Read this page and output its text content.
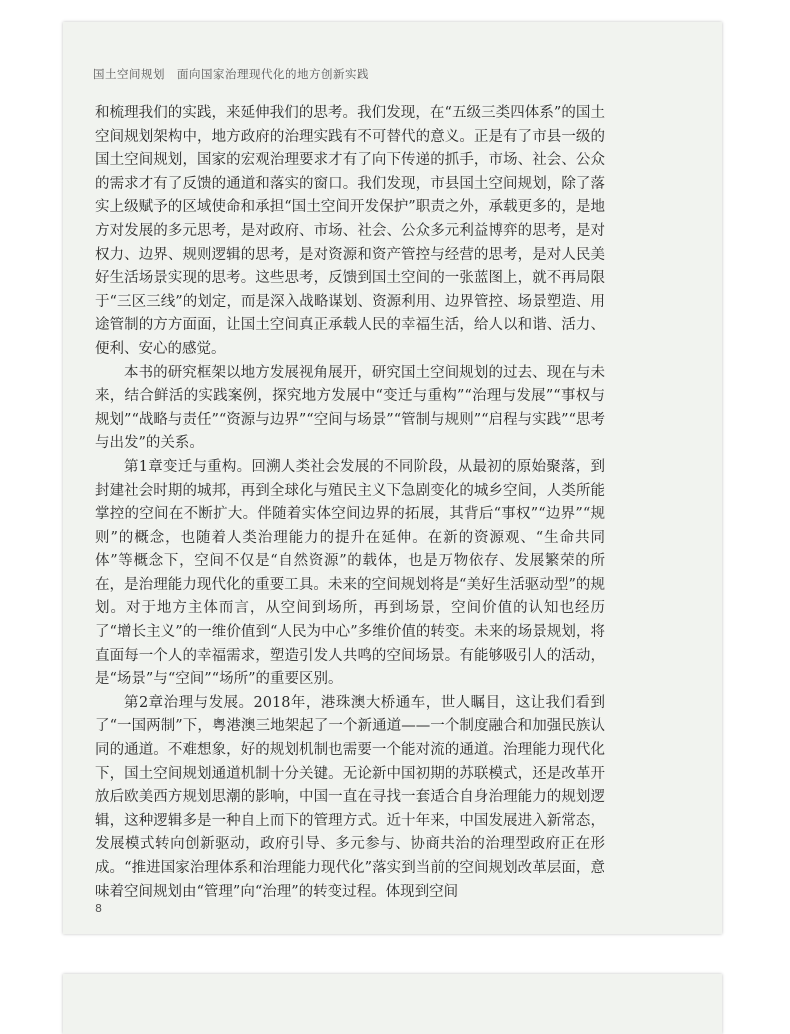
国土空间规划 面向国家治理现代化的地方创新实践

和梳理我们的实践，来延伸我们的思考。我们发现，在“五级三类四体系”的国土空间规划架构中，地方政府的治理实践有不可替代的意义。正是有了市县一级的国土空间规划，国家的宏观治理要求才有了向下传递的抓手，市场、社会、公众的需求才有了反馈的通道和落实的窗口。我们发现，市县国土空间规划，除了落实上级赋予的区域使命和承担“国土空间开发保护”职责之外，承载更多的，是地方对发展的多元思考，是对政府、市场、社会、公众多元利益博弈的思考，是对权力、边界、规则逻辑的思考，是对资源和资产管控与经营的思考，是对人民美好生活场景实现的思考。这些思考，反馈到国土空间的一张蓝图上，就不再局限于“三区三线”的划定，而是深入战略谋划、资源利用、边界管控、场景塑造、用途管制的方方面面，让国土空间真正承载人民的幸福生活，给人以和谐、活力、便利、安心的感觉。

本书的研究框架以地方发展视角展开，研究国土空间规划的过去、现在与未来，结合鲜活的实践案例，探究地方发展中“变迁与重构”“治理与发展”“事权与规划”“战略与责任”“资源与边界”“空间与场景”“管制与规则”“启程与实践”“思考与出发”的关系。

第1章变迁与重构。回溯人类社会发展的不同阶段，从最初的原始聚落，到封建社会时期的城邦，再到全球化与殖民主义下急剧变化的城乡空间，人类所能掌控的空间在不断扩大。伴随着实体空间边界的拓展，其背后“事权”“边界”“规则”的概念，也随着人类治理能力的提升在延伸。在新的资源观、“生命共同体”等概念下，空间不仅是“自然资源”的载体，也是万物依存、发展繁荣的所在，是治理能力现代化的重要工具。未来的空间规划将是“美好生活驱动型”的规划。对于地方主体而言，从空间到场所，再到场景，空间价值的认知也经历了“增长主义”的一维价值到“人民为中心”多维价值的转变。未来的场景规划，将直面每一个人的幸福需求，塑造引发人共鸣的空间场景。有能够吸引人的活动，是“场景”与“空间”“场所”的重要区别。

第2章治理与发展。2018年，港珠澳大桥通车，世人瞩目，这让我们看到了“一国两制”下，粤港澳三地架起了一个新通道——一个制度融合和加强民族认同的通道。不难想象，好的规划机制也需要一个能对流的通道。治理能力现代化下，国土空间规划通道机制十分关键。无论新中国初期的苏联模式，还是改革开放后欧美西方规划思潮的影响，中国一直在寻找一套适合自身治理能力的规划逻辑，这种逻辑多是一种自上而下的管理方式。近十年来，中国发展进入新常态，发展模式转向创新驱动，政府引导、多元参与、协商共治的治理型政府正在形成。“推进国家治理体系和治理能力现代化”落实到当前的空间规划改革层面，意味着空间规划由“管理”向“治理”的转变过程。体现到空间

8
